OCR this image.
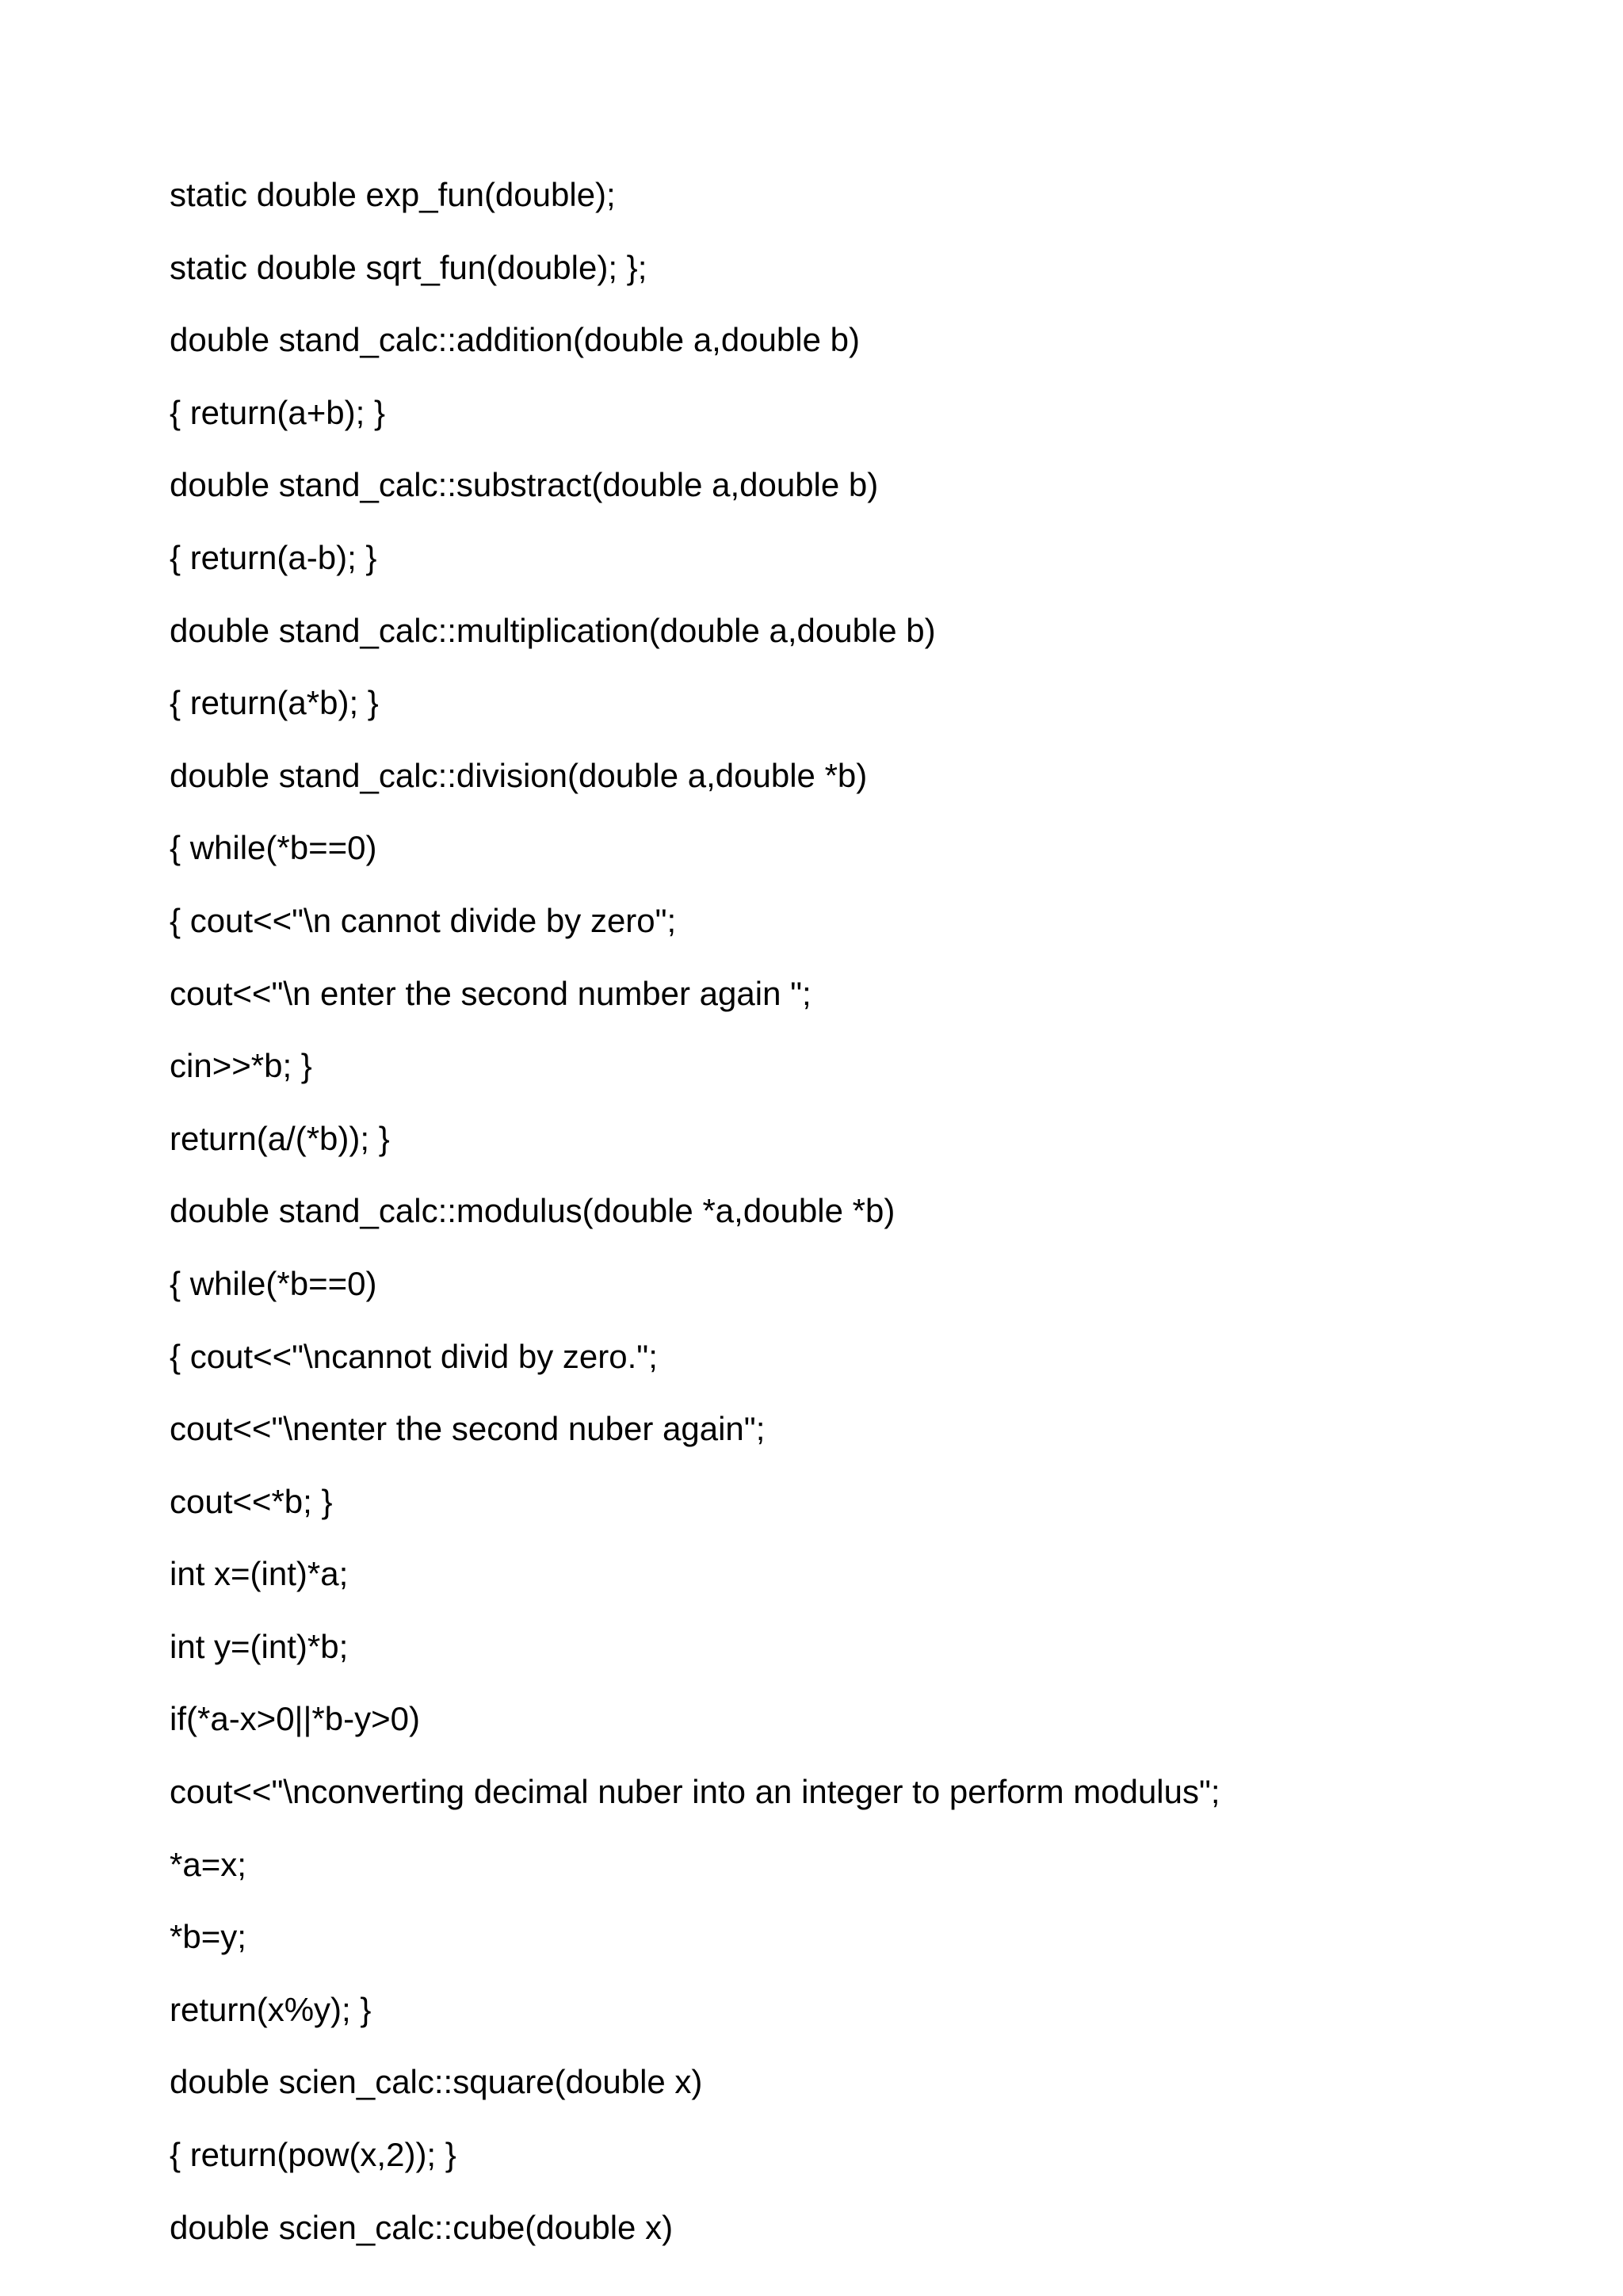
static double exp_fun(double);
static double sqrt_fun(double); };
double stand_calc::addition(double a,double b)
{ return(a+b); }
double stand_calc::substract(double a,double b)
{ return(a-b); }
double stand_calc::multiplication(double a,double b)
{ return(a*b); }
double stand_calc::division(double a,double *b)
{ while(*b==0)
{ cout<<"\n cannot divide by zero";
cout<<"\n enter the second number again ";
cin>>*b; }
return(a/(*b)); }
double stand_calc::modulus(double *a,double *b)
{ while(*b==0)
{ cout<<"\ncannot divid by zero.";
cout<<"\nenter the second nuber again";
cout<<*b; }
int x=(int)*a;
int y=(int)*b;
if(*a-x>0||*b-y>0)
cout<<"\nconverting decimal nuber into an integer to perform modulus";
*a=x;
*b=y;
return(x%y); }
double scien_calc::square(double x)
{ return(pow(x,2)); }
double scien_calc::cube(double x)
